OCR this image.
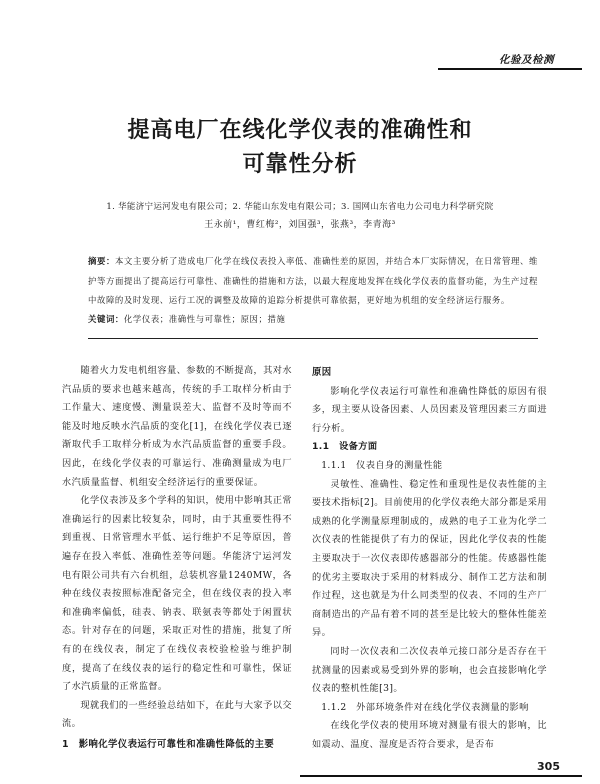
化验及检测
提高电厂在线化学仪表的准确性和
可靠性分析
1. 华能济宁运河发电有限公司；2. 华能山东发电有限公司；3. 国网山东省电力公司电力科学研究院
王永前¹，曹红梅²，刘国强³，张燕³，李青海³
摘要：本文主要分析了造成电厂化学在线仪表投入率低、准确性差的原因，并结合本厂实际情况，在日常管理、维护等方面提出了提高运行可靠性、准确性的措施和方法，以最大程度地发挥在线化学仪表的监督功能，为生产过程中故障的及时发现、运行工况的调整及故障的追踪分析提供可靠依据，更好地为机组的安全经济运行服务。
关键词：化学仪表；准确性与可靠性；原因；措施

随着火力发电机组容量、参数的不断提高，其对水汽品质的要求也越来越高，传统的手工取样分析由于工作量大、速度慢、测量误差大、监督不及时等而不能及时地反映水汽品质的变化[1]，在线化学仪表已逐渐取代手工取样分析成为水汽品质监督的重要手段。因此，在线化学仪表的可靠运行、准确测量成为电厂水汽质量监督、机组安全经济运行的重要保证。

化学仪表涉及多个学科的知识，使用中影响其正常准确运行的因素比较复杂，同时，由于其重要性得不到重视、日常管理水平低、运行维护不足等原因，普遍存在投入率低、准确性差等问题。华能济宁运河发电有限公司共有六台机组，总装机容量1240MW，各种在线仪表按照标准配备完全，但在线仪表的投入率和准确率偏低，硅表、钠表、联氨表等都处于闲置状态。针对存在的问题，采取正对性的措施，批复了所有的在线仪表，制定了在线仪表校验检验与维护制度，提高了在线仪表的运行的稳定性和可靠性，保证了水汽质量的正常监督。

现就我们的一些经验总结如下，在此与大家予以交流。

1　影响化学仪表运行可靠性和准确性降低的主要

原因

影响化学仪表运行可靠性和准确性降低的原因有很多，现主要从设备因素、人员因素及管理因素三方面进行分析。

1.1　设备方面

1.1.1　仪表自身的测量性能

灵敏性、准确性、稳定性和重现性是仪表性能的主要技术指标[2]。目前使用的化学仪表绝大部分都是采用成熟的化学测量原理制成的，成熟的电子工业为化学二次仪表的性能提供了有力的保证，因此化学仪表的性能主要取决于一次仪表即传感器部分的性能。传感器性能的优劣主要取决于采用的材料成分、制作工艺方法和制作过程，这也就是为什么同类型的仪表、不同的生产厂商制造出的产品有着不同的甚至是比较大的整体性能差异。

同时一次仪表和二次仪表单元接口部分是否存在干扰测量的因素或易受到外界的影响，也会直接影响化学仪表的整机性能[3]。

1.1.2　外部环境条件对在线化学仪表测量的影响

在线化学仪表的使用环境对测量有很大的影响，比如震动、温度、湿度是否符合要求，是否布

305
